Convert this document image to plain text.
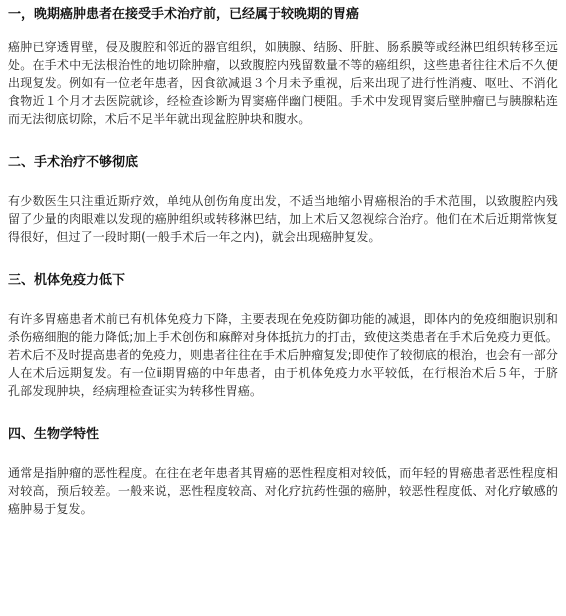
一，晚期癌肿患者在接受手术治疗前，已经属于较晚期的胃癌

癌肿已穿透胃壁，侵及腹腔和邻近的器官组织，如胰腺、结肠、肝脏、肠系膜等或经淋巴组织转移至远处。在手术中无法根治性的地切除肿瘤，以致腹腔内残留数量不等的癌组织，这些患者往往术后不久便出现复发。例如有一位老年患者，因食欲减退３个月未予重视，后来出现了进行性消瘦、呕吐、不消化食物近１个月才去医院就诊，经检查诊断为胃窦癌伴幽门梗阻。手术中发现胃窦后壁肿瘤已与胰腺粘连而无法彻底切除，术后不足半年就出现盆腔肿块和腹水。

二、手术治疗不够彻底

有少数医生只注重近斯疗效，单纯从创伤角度出发，不适当地缩小胃癌根治的手术范围，以致腹腔内残留了少量的肉眼难以发现的癌肿组织或转移淋巴结，加上术后又忽视综合治疗。他们在术后近期常恢复得很好，但过了一段时期(一般手术后一年之内)，就会出现癌肿复发。

三、机体免疫力低下

有许多胃癌患者术前已有机体免疫力下降，主要表现在免疫防御功能的减退，即体内的免疫细胞识别和杀伤癌细胞的能力降低;加上手术创伤和麻醉对身体抵抗力的打击，致使这类患者在手术后免疫力更低。若术后不及时提高患者的免疫力，则患者往往在手术后肿瘤复发;即使作了较彻底的根治，也会有一部分人在术后远期复发。有一位ⅱ期胃癌的中年患者，由于机体免疫力水平较低，在行根治术后５年，于脐孔部发现肿块，经病理检查证实为转移性胃癌。

四、生物学特性

通常是指肿瘤的恶性程度。在往在老年患者其胃癌的恶性程度相对较低，而年轻的胃癌患者恶性程度相对较高，预后较差。一般来说，恶性程度较高、对化疗抗药性强的癌肿，较恶性程度低、对化疗敏感的癌肿易于复发。
